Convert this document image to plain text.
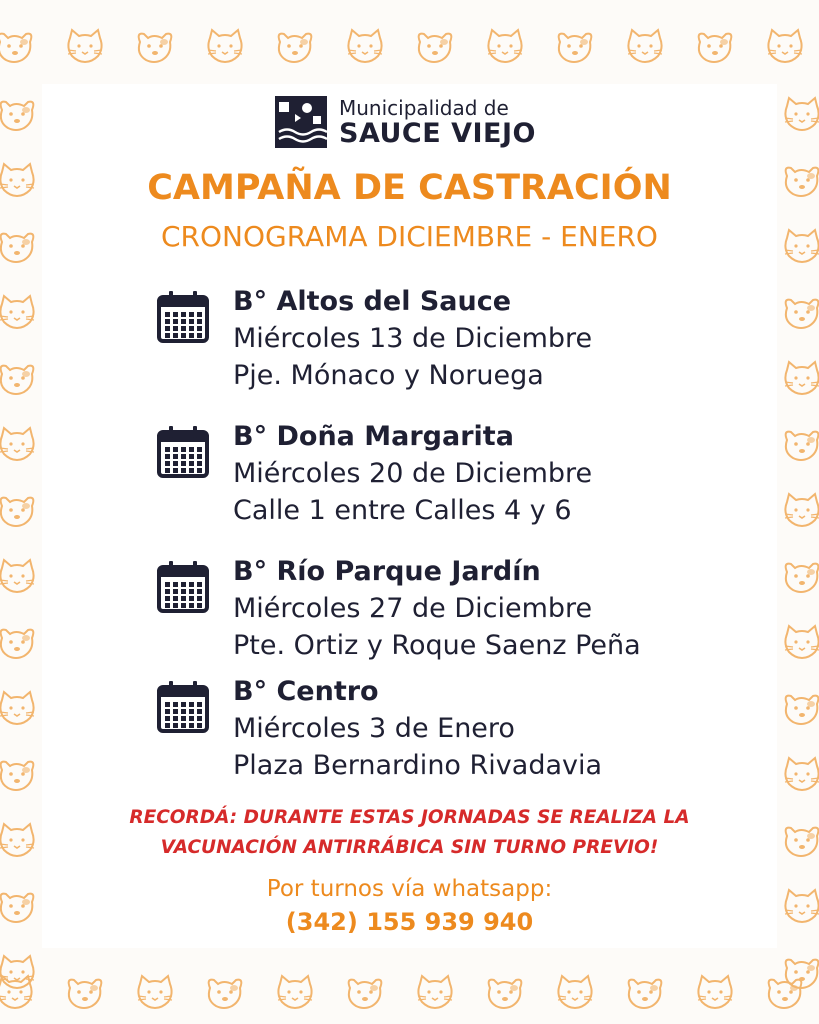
Municipalidad de
SAUCE VIEJO
CAMPAÑA DE CASTRACIÓN
CRONOGRAMA DICIEMBRE - ENERO
B° Altos del Sauce
Miércoles 13 de Diciembre
Pje. Mónaco y Noruega
B° Doña Margarita
Miércoles 20 de Diciembre
Calle 1 entre Calles 4 y 6
B° Río Parque Jardín
Miércoles 27 de Diciembre
Pte. Ortiz y Roque Saenz Peña
B° Centro
Miércoles 3 de Enero
Plaza Bernardino Rivadavia
RECORDÁ: DURANTE ESTAS JORNADAS SE REALIZA LA
VACUNACIÓN ANTIRRÁBICA SIN TURNO PREVIO!
Por turnos vía whatsapp:
(342) 155 939 940
